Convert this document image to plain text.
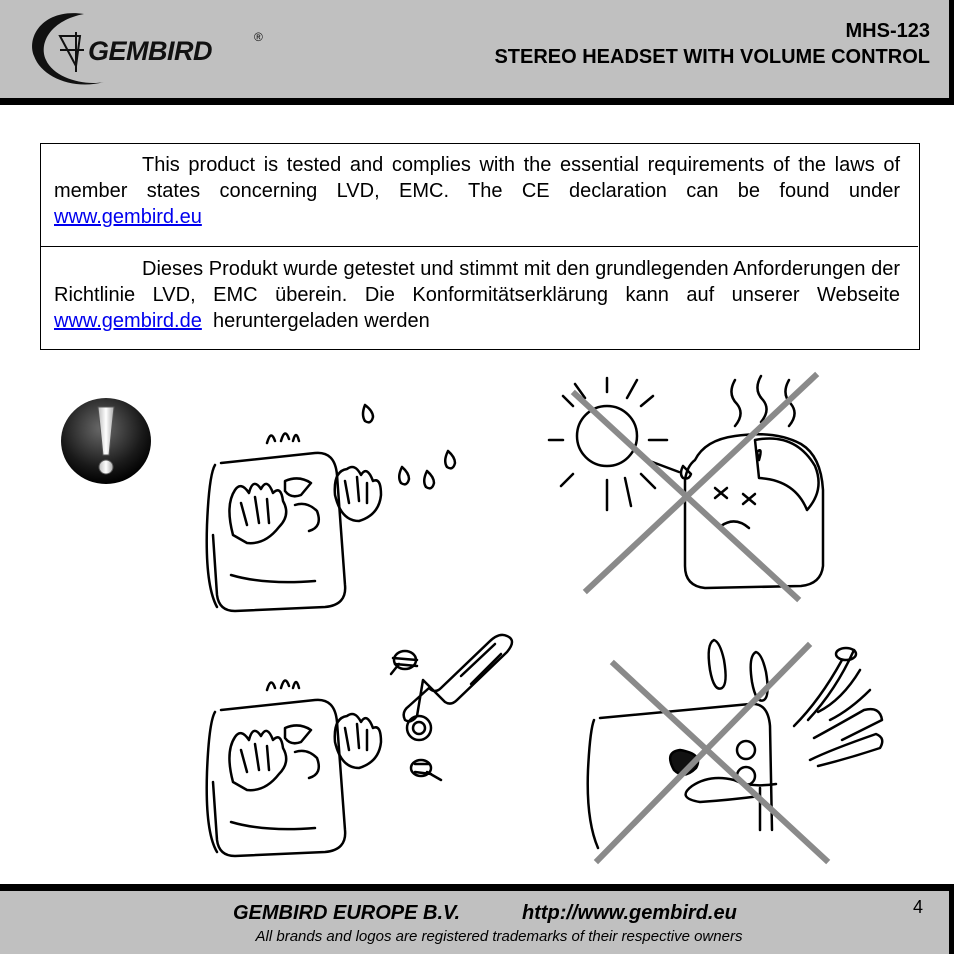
GEMBIRD	®	MHS-123
STEREO HEADSET WITH VOLUME CONTROL
This product is tested and complies with the essential requirements of the laws of member states concerning LVD, EMC. The CE declaration can be found under www.gembird.eu
Dieses Produkt wurde getestet und stimmt mit den grundlegenden Anforderungen der Richtlinie LVD, EMC überein. Die Konformitätserklärung kann auf unserer Webseite www.gembird.de  heruntergeladen werden
GEMBIRD EUROPE B.V.	http://www.gembird.eu
All brands and logos are registered trademarks of their respective owners
4
